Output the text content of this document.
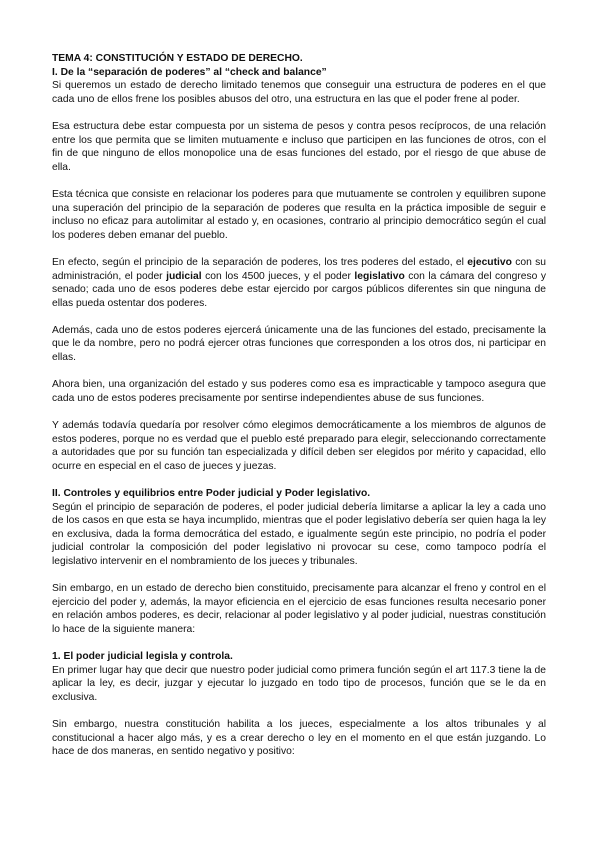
TEMA 4: CONSTITUCIÓN Y ESTADO DE DERECHO.
I. De la “separación de poderes” al “check and balance”

Si queremos un estado de derecho limitado tenemos que conseguir una estructura de poderes en el que cada uno de ellos frene los posibles abusos del otro, una estructura en las que el poder frene al poder.

Esa estructura debe estar compuesta por un sistema de pesos y contra pesos recíprocos, de una relación entre los que permita que se limiten mutuamente e incluso que participen en las funciones de otros, con el fin de que ninguno de ellos monopolice una de esas funciones del estado, por el riesgo de que abuse de ella.

Esta técnica que consiste en relacionar los poderes para que mutuamente se controlen y equilibren supone una superación del principio de la separación de poderes que resulta en la práctica imposible de seguir e incluso no eficaz para autolimitar al estado y, en ocasiones, contrario al principio democrático según el cual los poderes deben emanar del pueblo.

En efecto, según el principio de la separación de poderes, los tres poderes del estado, el ejecutivo con su administración, el poder judicial con los 4500 jueces, y el poder legislativo con la cámara del congreso y senado; cada uno de esos poderes debe estar ejercido por cargos públicos diferentes sin que ninguna de ellas pueda ostentar dos poderes.

Además, cada uno de estos poderes ejercerá únicamente una de las funciones del estado, precisamente la que le da nombre, pero no podrá ejercer otras funciones que corresponden a los otros dos, ni participar en ellas.

Ahora bien, una organización del estado y sus poderes como esa es impracticable y tampoco asegura que cada uno de estos poderes precisamente por sentirse independientes abuse de sus funciones.

Y además todavía quedaría por resolver cómo elegimos democráticamente a los miembros de algunos de estos poderes, porque no es verdad que el pueblo esté preparado para elegir, seleccionando correctamente a autoridades que por su función tan especializada y difícil deben ser elegidos por mérito y capacidad, ello ocurre en especial en el caso de jueces y juezas.

II. Controles y equilibrios entre Poder judicial y Poder legislativo.

Según el principio de separación de poderes, el poder judicial debería limitarse a aplicar la ley a cada uno de los casos en que esta se haya incumplido, mientras que el poder legislativo debería ser quien haga la ley en exclusiva, dada la forma democrática del estado, e igualmente según este principio, no podría el poder judicial controlar la composición del poder legislativo ni provocar su cese, como tampoco podría el legislativo intervenir en el nombramiento de los jueces y tribunales.

Sin embargo, en un estado de derecho bien constituido, precisamente para alcanzar el freno y control en el ejercicio del poder y, además, la mayor eficiencia en el ejercicio de esas funciones resulta necesario poner en relación ambos poderes, es decir, relacionar al poder legislativo y al poder judicial, nuestras constitución lo hace de la siguiente manera:

1. El poder judicial legisla y controla.

En primer lugar hay que decir que nuestro poder judicial como primera función según el art 117.3 tiene la de aplicar la ley, es decir, juzgar y ejecutar lo juzgado en todo tipo de procesos, función que se le da en exclusiva.

Sin embargo, nuestra constitución habilita a los jueces, especialmente a los altos tribunales y al constitucional a hacer algo más, y es a crear derecho o ley en el momento en el que están juzgando. Lo hace de dos maneras, en sentido negativo y positivo:
